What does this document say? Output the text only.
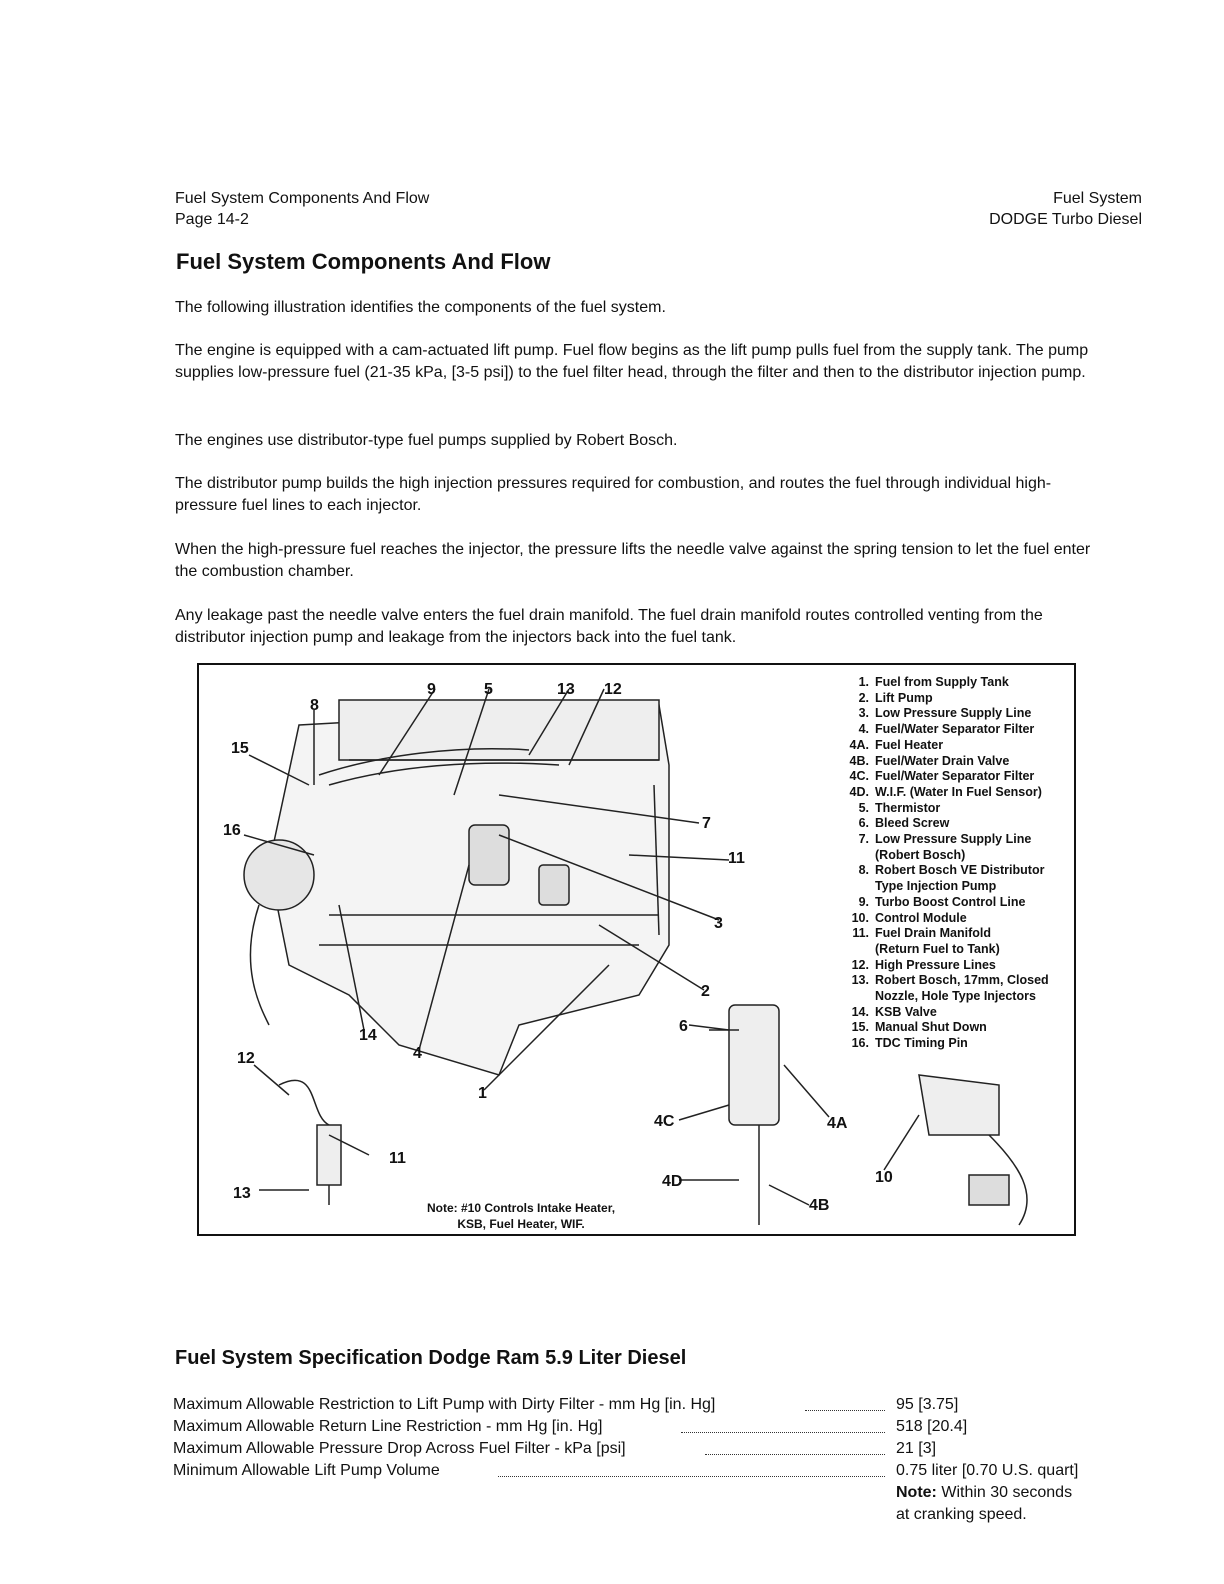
Fuel System Components And Flow
Page 14-2
Fuel System
DODGE Turbo Diesel
Fuel System Components And Flow
The following illustration identifies the components of the fuel system.
The engine is equipped with a cam-actuated lift pump. Fuel flow begins as the lift pump pulls fuel from the supply tank. The pump supplies low-pressure fuel (21-35 kPa, [3-5 psi]) to the fuel filter head, through the filter and then to the distributor injection pump.
The engines use distributor-type fuel pumps supplied by Robert Bosch.
The distributor pump builds the high injection pressures required for combustion, and routes the fuel through individual high-pressure fuel lines to each injector.
When the high-pressure fuel reaches the injector, the pressure lifts the needle valve against the spring tension to let the fuel enter the combustion chamber.
Any leakage past the needle valve enters the fuel drain manifold. The fuel drain manifold routes controlled venting from the distributor injection pump and leakage from the injectors back into the fuel tank.
9	5	13 12
8
15
16	7
11
3
2
6
14
4
12
1
4C	4A
11
10
4D
4B
13
1. Fuel from Supply Tank
2. Lift Pump
3. Low Pressure Supply Line
4. Fuel/Water Separator Filter
4A. Fuel Heater
4B. Fuel/Water Drain Valve
4C. Fuel/Water Separator Filter
4D. W.I.F. (Water In Fuel Sensor)
5. Thermistor
6. Bleed Screw
7. Low Pressure Supply Line
(Robert Bosch)
8. Robert Bosch VE Distributor
Type Injection Pump
9. Turbo Boost Control Line
10. Control Module
11. Fuel Drain Manifold
(Return Fuel to Tank)
12. High Pressure Lines
13. Robert Bosch, 17mm, Closed
Nozzle, Hole Type Injectors
14. KSB Valve
15. Manual Shut Down
16. TDC Timing Pin
Note: #10 Controls Intake Heater,
KSB, Fuel Heater, WIF.
Fuel System Specification Dodge Ram 5.9 Liter Diesel
Maximum Allowable Restriction to Lift Pump with Dirty Filter - mm Hg [in. Hg]	95 [3.75]
Maximum Allowable Return Line Restriction - mm Hg [in. Hg]	518 [20.4]
Maximum Allowable Pressure Drop Across Fuel Filter - kPa [psi]	21 [3]
Minimum Allowable Lift Pump Volume	0.75 liter [0.70 U.S. quart]
Note: Within 30 seconds
at cranking speed.
